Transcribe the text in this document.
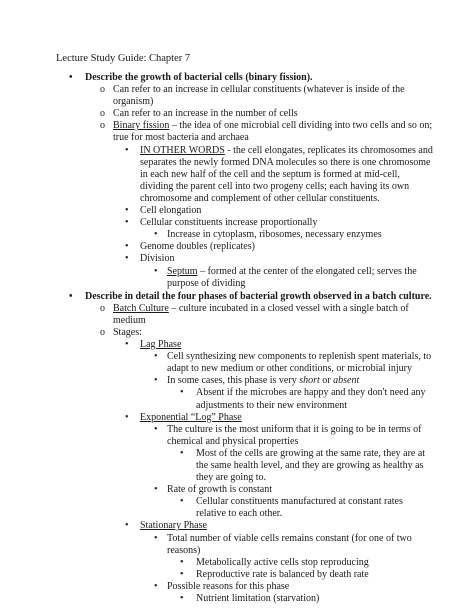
Lecture Study Guide: Chapter 7
• Describe the growth of bacterial cells (binary fission).
o Can refer to an increase in cellular constituents (whatever is inside of the organism)
o Can refer to an increase in the number of cells
o Binary fission – the idea of one microbial cell dividing into two cells and so on; true for most bacteria and archaea
• IN OTHER WORDS - the cell elongates, replicates its chromosomes and separates the newly formed DNA molecules so there is one chromosome in each new half of the cell and the septum is formed at mid-cell, dividing the parent cell into two progeny cells; each having its own chromosome and complement of other cellular constituents.
• Cell elongation
• Cellular constituents increase proportionally
• Increase in cytoplasm, ribosomes, necessary enzymes
• Genome doubles (replicates)
• Division
• Septum – formed at the center of the elongated cell; serves the purpose of dividing
• Describe in detail the four phases of bacterial growth observed in a batch culture.
o Batch Culture – culture incubated in a closed vessel with a single batch of medium
o Stages:
• Lag Phase
• Cell synthesizing new components to replenish spent materials, to adapt to new medium or other conditions, or microbial injury
• In some cases, this phase is very short or absent
• Absent if the microbes are happy and they don't need any adjustments to their new environment
• Exponential “Log” Phase
• The culture is the most uniform that it is going to be in terms of chemical and physical properties
• Most of the cells are growing at the same rate, they are at the same health level, and they are growing as healthy as they are going to.
• Rate of growth is constant
• Cellular constituents manufactured at constant rates relative to each other.
• Stationary Phase
• Total number of viable cells remains constant (for one of two reasons)
• Metabolically active cells stop reproducing
• Reproductive rate is balanced by death rate
• Possible reasons for this phase
• Nutrient limitation (starvation)
